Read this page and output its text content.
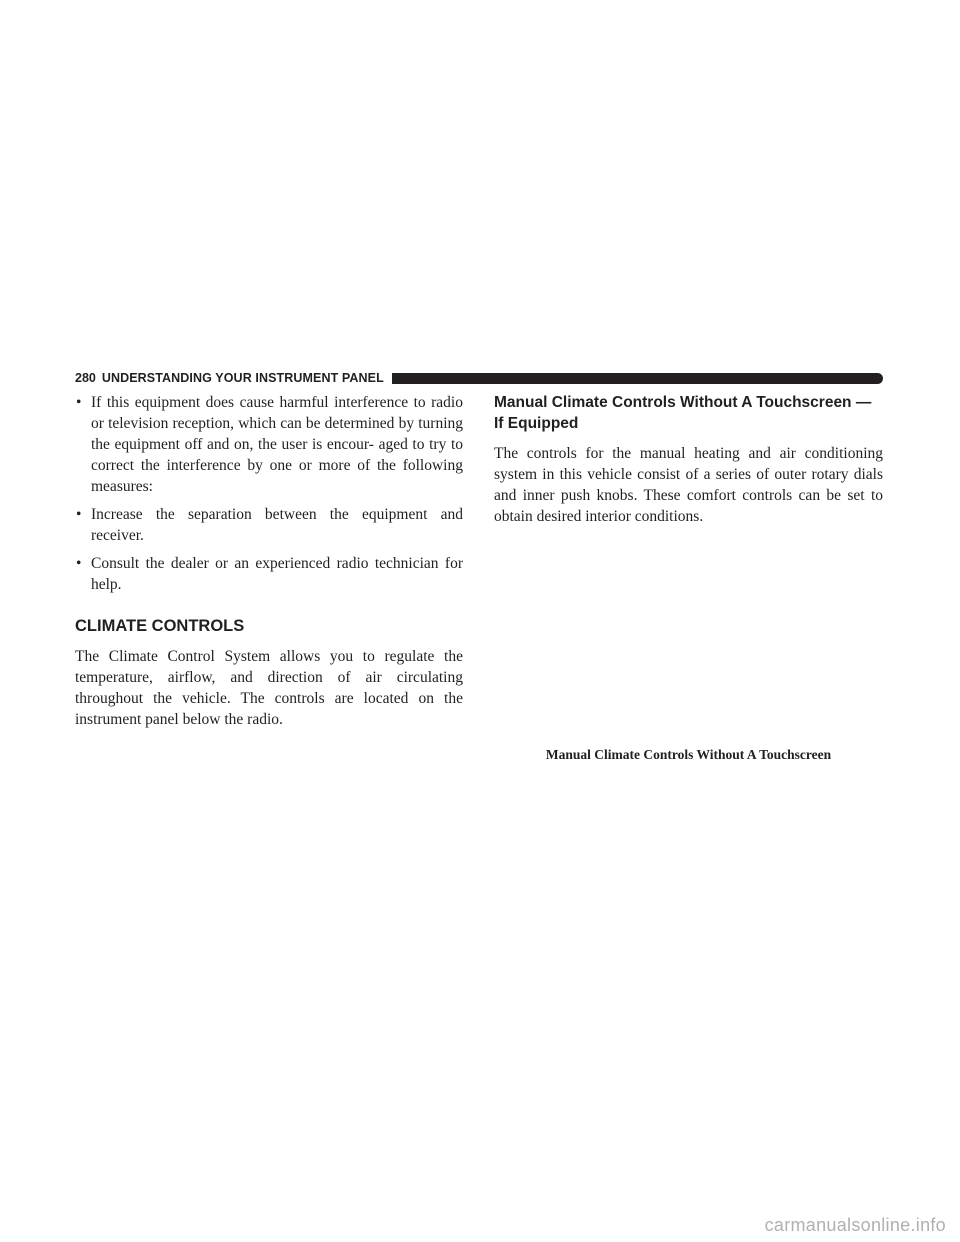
280 UNDERSTANDING YOUR INSTRUMENT PANEL
• If this equipment does cause harmful interference to radio or television reception, which can be determined by turning the equipment off and on, the user is encour- aged to try to correct the interference by one or more of the following measures:
• Increase the separation between the equipment and receiver.
• Consult the dealer or an experienced radio technician for help.
CLIMATE CONTROLS

The Climate Control System allows you to regulate the temperature, airflow, and direction of air circulating throughout the vehicle. The controls are located on the instrument panel below the radio.

Manual Climate Controls Without A Touchscreen — If Equipped

The controls for the manual heating and air conditioning system in this vehicle consist of a series of outer rotary dials and inner push knobs. These comfort controls can be set to obtain desired interior conditions.

Manual Climate Controls Without A Touchscreen
carmanualsonline.info
